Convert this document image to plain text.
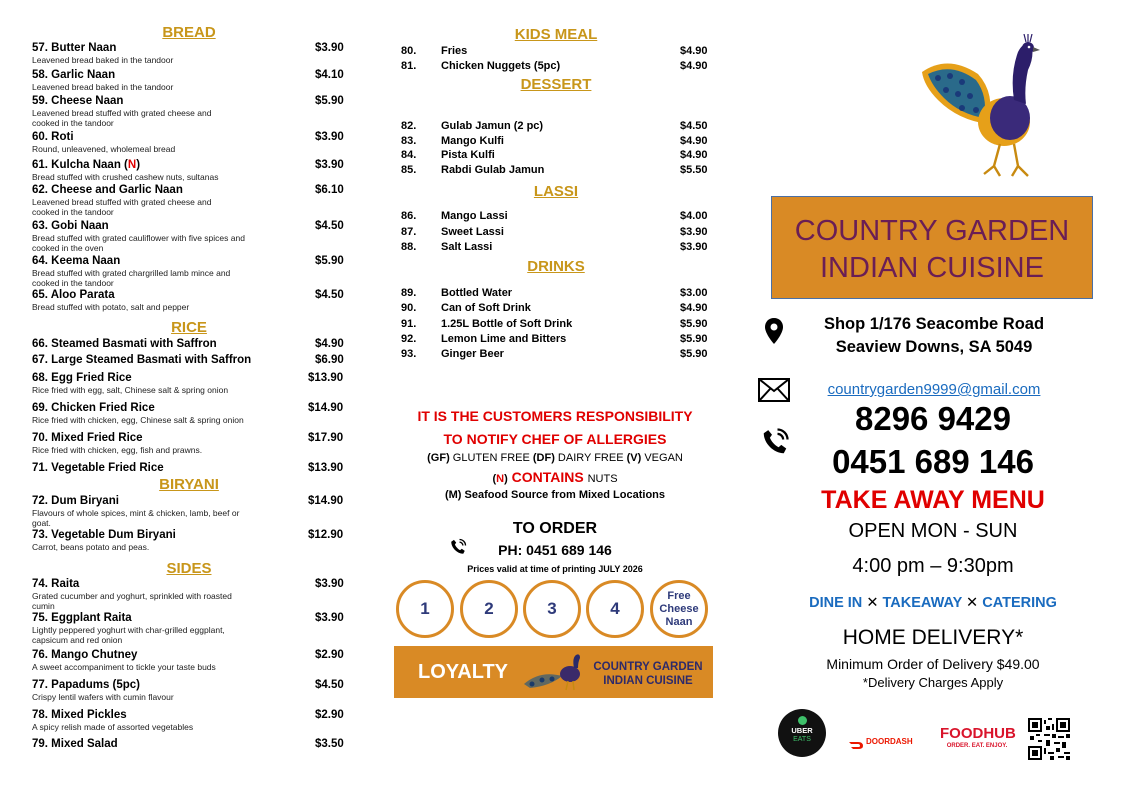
BREAD
57. Butter Naan	$3.90
Leavened bread baked in the tandoor
58. Garlic Naan	$4.10
Leavened bread baked in the tandoor
59. Cheese Naan	$5.90
Leavened bread stuffed with grated cheese and
cooked in the tandoor
60. Roti	$3.90
Round, unleavened, wholemeal bread
61. Kulcha Naan (N)	$3.90
Bread stuffed with crushed cashew nuts, sultanas
62. Cheese and Garlic Naan	$6.10
Leavened bread stuffed with grated cheese and
cooked in the tandoor
63. Gobi Naan	$4.50
Bread stuffed with grated cauliflower with five spices and
cooked in the oven
64. Keema Naan	$5.90
Bread stuffed with grated chargrilled lamb mince and
cooked in the tandoor
65. Aloo Parata	$4.50
Bread stuffed with potato, salt and pepper
RICE
66. Steamed Basmati with Saffron	$4.90
67. Large Steamed Basmati with Saffron	$6.90
68. Egg Fried Rice	$13.90
Rice fried with egg, salt, Chinese salt & spring onion
69. Chicken Fried Rice	$14.90
Rice fried with chicken, egg, Chinese salt & spring onion
70. Mixed Fried Rice	$17.90
Rice fried with chicken, egg, fish and prawns.
71. Vegetable Fried Rice	$13.90
BIRYANI
72. Dum Biryani	$14.90
Flavours of whole spices, mint & chicken, lamb, beef or
goat.
73. Vegetable Dum Biryani	$12.90
Carrot, beans potato and peas.
SIDES
74. Raita	$3.90
Grated cucumber and yoghurt, sprinkled with roasted
cumin
75. Eggplant Raita	$3.90
Lightly peppered yoghurt with char-grilled eggplant,
capsicum and red onion
76. Mango Chutney	$2.90
A sweet accompaniment to tickle your taste buds
77. Papadums (5pc)	$4.50
Crispy lentil wafers with cumin flavour
78. Mixed Pickles	$2.90
A spicy relish made of assorted vegetables
79. Mixed Salad	$3.50
KIDS MEAL
80. Fries	$4.90
81. Chicken Nuggets (5pc)	$4.90
DESSERT
82. Gulab Jamun (2 pc)	$4.50
83. Mango Kulfi	$4.90
84. Pista Kulfi	$4.90
85. Rabdi Gulab Jamun	$5.50
LASSI
86. Mango Lassi	$4.00
87. Sweet Lassi	$3.90
88. Salt Lassi	$3.90
DRINKS
89. Bottled Water	$3.00
90. Can of Soft Drink	$4.90
91. 1.25L Bottle of Soft Drink	$5.90
92. Lemon Lime and Bitters	$5.90
93. Ginger Beer	$5.90
IT IS THE CUSTOMERS RESPONSIBILITY
TO NOTIFY CHEF OF ALLERGIES
(GF) GLUTEN FREE (DF) DAIRY FREE (V) VEGAN
(N) CONTAINS NUTS
(M) Seafood Source from Mixed Locations
TO ORDER
PH: 0451 689 146
Prices valid at time of printing JULY 2026
1	2	3	4
Free
Cheese
Naan
LOYALTY	COUNTRY GARDEN
INDIAN CUISINE
COUNTRY GARDEN
INDIAN CUISINE
Shop 1/176 Seacombe Road
Seaview Downs, SA 5049
countrygarden9999@gmail.com
8296 9429
0451 689 146
TAKE AWAY MENU
OPEN MON - SUN
4:00 pm – 9:30pm
DINE IN ✕ TAKEAWAY ✕ CATERING
HOME DELIVERY*
Minimum Order of Delivery $49.00
*Delivery Charges Apply
UBER
EATS	DOORDASH FOODHUB
ORDER. EAT. ENJOY.
